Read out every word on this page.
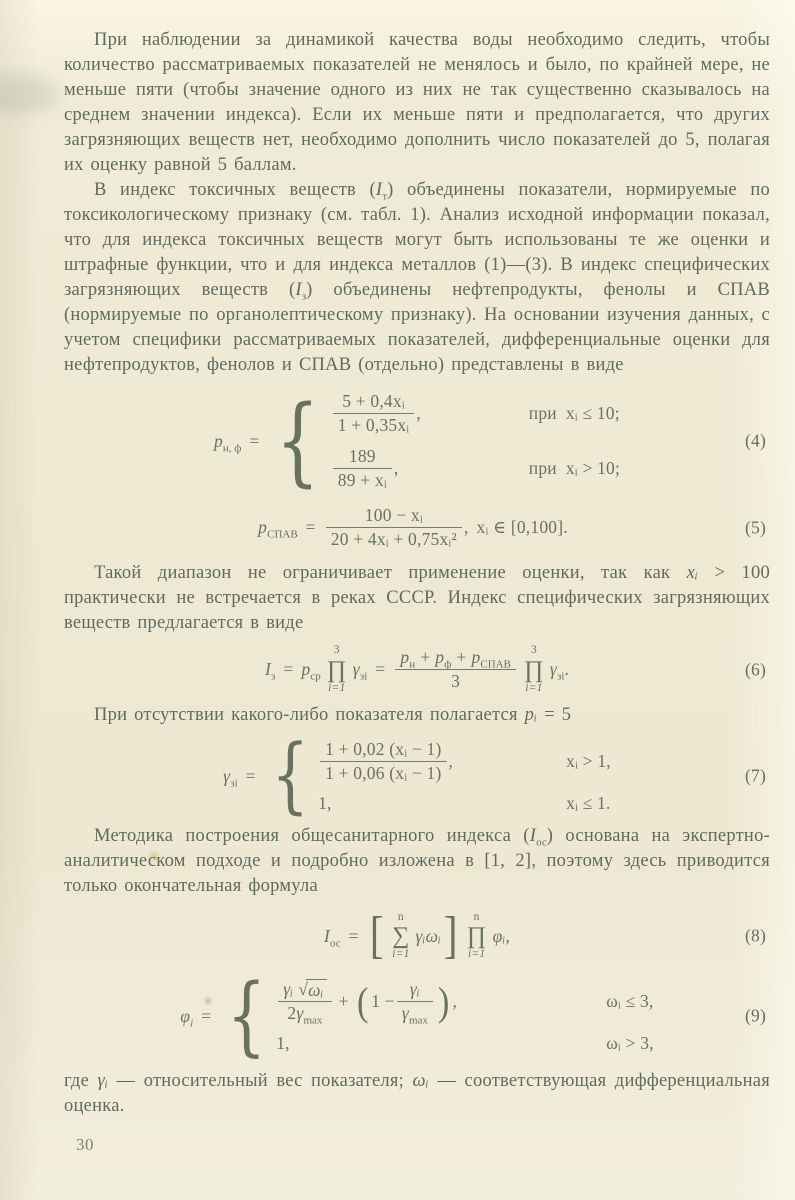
При наблюдении за динамикой качества воды необходимо следить, чтобы количество рассматриваемых показателей не менялось и было, по крайней мере, не меньше пяти (чтобы значение одного из них не так существенно сказывалось на среднем значении индекса). Если их меньше пяти и предполагается, что других загрязняющих веществ нет, необходимо дополнить число показателей до 5, полагая их оценку равной 5 баллам.

В индекс токсичных веществ $(I_т)$ объединены показатели, нормируемые по токсикологическому признаку (см. табл. 1). Анализ исходной информации показал, что для индекса токсичных веществ могут быть использованы те же оценки и штрафные функции, что и для индекса металлов (1)—(3). В индекс специфических загрязняющих веществ $(I_з)$ объединены нефтепродукты, фенолы и СПАВ (нормируемые по органолептическому признаку). На основании изучения данных, с учетом специфики рассматриваемых показателей, дифференциальные оценки для нефтепродуктов, фенолов и СПАВ (отдельно) представлены в виде

$p_{н, ф}$ = { $\frac{\text{5 + 0,4xᵢ}}{\text{1 + 0,35xᵢ}}$ ,	при xᵢ ≤ 10;
$\frac{189}{\text{89 + xᵢ}}$ ,	при xᵢ > 10;
(4)
$p_{СПАВ} = \frac{\text{100 − xᵢ}}{\text{20 + 4xᵢ + 0,75xᵢ²}}$ , xᵢ ∈ [0,100].	(5)

Такой диапазон не ограничивает применение оценки, так как xᵢ > 100 практически не встречается в реках СССР. Индекс специфических загрязняющих веществ предлагается в виде

$I_з = p_{ср}$
3
∏
i=1
$\gamma_{зi} = \frac{p_н + p_ф + p_{СПАВ}}{3} 3$
∏
i=1
$\gamma_{зi}$ .	(6)

При отсутствии какого-либо показателя полагается pᵢ = 5

$\gamma_{зi}$ = { $\frac{\text{1 + 0,02 (xᵢ − 1)}}{\text{1 + 0,06 (xᵢ − 1)}}$ ,	xᵢ > 1,
1,	xᵢ ≤ 1.
(7)

Методика построения общесанитарного индекса $(I_{ос})$ основана на экспертно-аналитическом подходе и подробно изложена в [1, 2], поэтому здесь приводится только окончательная формула

$I_{ос}$ = [ n
∑
i=1
γᵢωᵢ ] n
∏
i=1
φᵢ ,	(8)
$\varphi_i$ = { $\frac{\text{γᵢ √ ωᵢ}}{2\gamma_{max}}$ + ( $1 - \frac{\text{γᵢ}}{\gamma_{max}}$ ) ,	ωᵢ ≤ 3,
1,	ωᵢ > 3,
(9)

где γᵢ — относительный вес показателя; ωᵢ — соответствующая дифференциальная оценка.

30
